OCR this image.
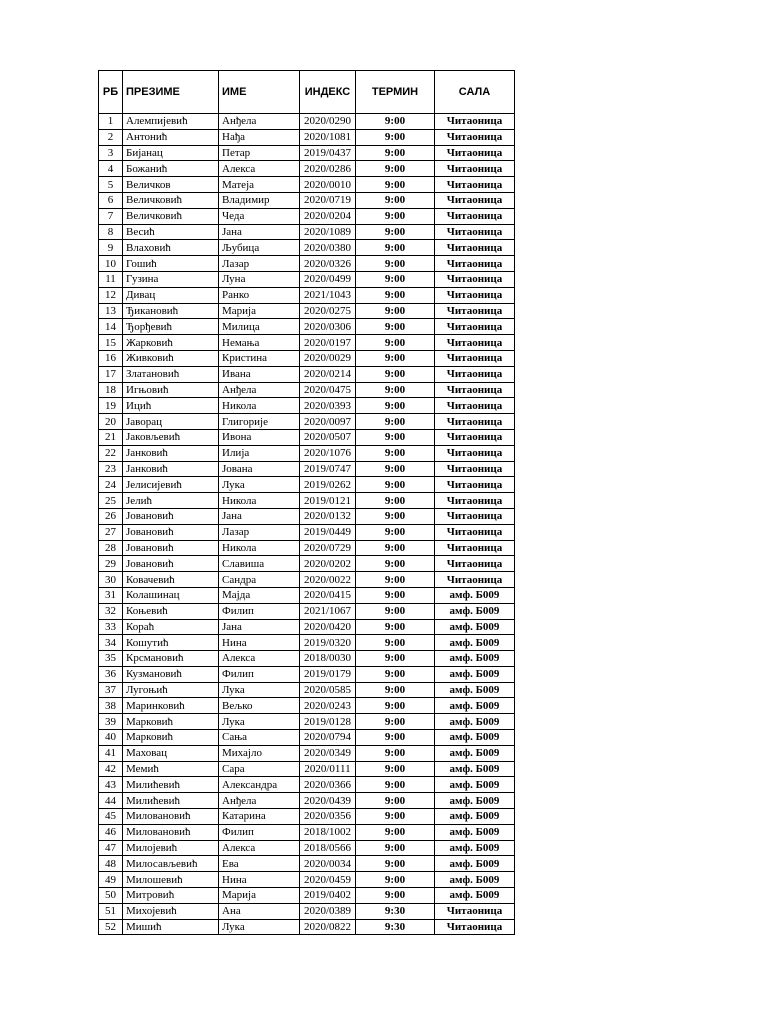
РБ	ПРЕЗИМЕ	ИМЕ	ИНДЕКС	ТЕРМИН	САЛА
1	Алемпијевић	Анђела	2020/0290	9:00	Читаоница
2	Антонић	Нађа	2020/1081	9:00	Читаоница
3	Бијанац	Петар	2019/0437	9:00	Читаоница
4	Божанић	Алекса	2020/0286	9:00	Читаоница
5	Величков	Матеја	2020/0010	9:00	Читаоница
6	Величковић	Владимир	2020/0719	9:00	Читаоница
7	Величковић	Чеда	2020/0204	9:00	Читаоница
8	Весић	Јана	2020/1089	9:00	Читаоница
9	Влаховић	Љубица	2020/0380	9:00	Читаоница
10	Гошић	Лазар	2020/0326	9:00	Читаоница
11	Гузина	Луна	2020/0499	9:00	Читаоница
12	Дивац	Ранко	2021/1043	9:00	Читаоница
13	Ђикановић	Марија	2020/0275	9:00	Читаоница
14	Ђорђевић	Милица	2020/0306	9:00	Читаоница
15	Жарковић	Немања	2020/0197	9:00	Читаоница
16	Живковић	Кристина	2020/0029	9:00	Читаоница
17	Златановић	Ивана	2020/0214	9:00	Читаоница
18	Игњовић	Анђела	2020/0475	9:00	Читаоница
19	Ицић	Никола	2020/0393	9:00	Читаоница
20	Јаворац	Глигорије	2020/0097	9:00	Читаоница
21	Јаковљевић	Ивона	2020/0507	9:00	Читаоница
22	Јанковић	Илија	2020/1076	9:00	Читаоница
23	Јанковић	Јована	2019/0747	9:00	Читаоница
24	Јелисијевић	Лука	2019/0262	9:00	Читаоница
25	Јелић	Никола	2019/0121	9:00	Читаоница
26	Јовановић	Јана	2020/0132	9:00	Читаоница
27	Јовановић	Лазар	2019/0449	9:00	Читаоница
28	Јовановић	Никола	2020/0729	9:00	Читаоница
29	Јовановић	Славиша	2020/0202	9:00	Читаоница
30	Ковачевић	Сандра	2020/0022	9:00	Читаоница
31	Колашинац	Мајда	2020/0415	9:00	амф. Б009
32	Коњевић	Филип	2021/1067	9:00	амф. Б009
33	Кораћ	Јана	2020/0420	9:00	амф. Б009
34	Кошутић	Нина	2019/0320	9:00	амф. Б009
35	Крсмановић	Алекса	2018/0030	9:00	амф. Б009
36	Кузмановић	Филип	2019/0179	9:00	амф. Б009
37	Лугоњић	Лука	2020/0585	9:00	амф. Б009
38	Маринковић	Вељко	2020/0243	9:00	амф. Б009
39	Марковић	Лука	2019/0128	9:00	амф. Б009
40	Марковић	Сања	2020/0794	9:00	амф. Б009
41	Маховац	Михајло	2020/0349	9:00	амф. Б009
42	Мемић	Сара	2020/0111	9:00	амф. Б009
43	Милићевић	Александра	2020/0366	9:00	амф. Б009
44	Милићевић	Анђела	2020/0439	9:00	амф. Б009
45	Миловановић	Катарина	2020/0356	9:00	амф. Б009
46	Миловановић	Филип	2018/1002	9:00	амф. Б009
47	Милојевић	Алекса	2018/0566	9:00	амф. Б009
48	Милосављевић	Ева	2020/0034	9:00	амф. Б009
49	Милошевић	Нина	2020/0459	9:00	амф. Б009
50	Митровић	Марија	2019/0402	9:00	амф. Б009
51	Михојевић	Ана	2020/0389	9:30	Читаоница
52	Мишић	Лука	2020/0822	9:30	Читаоница
